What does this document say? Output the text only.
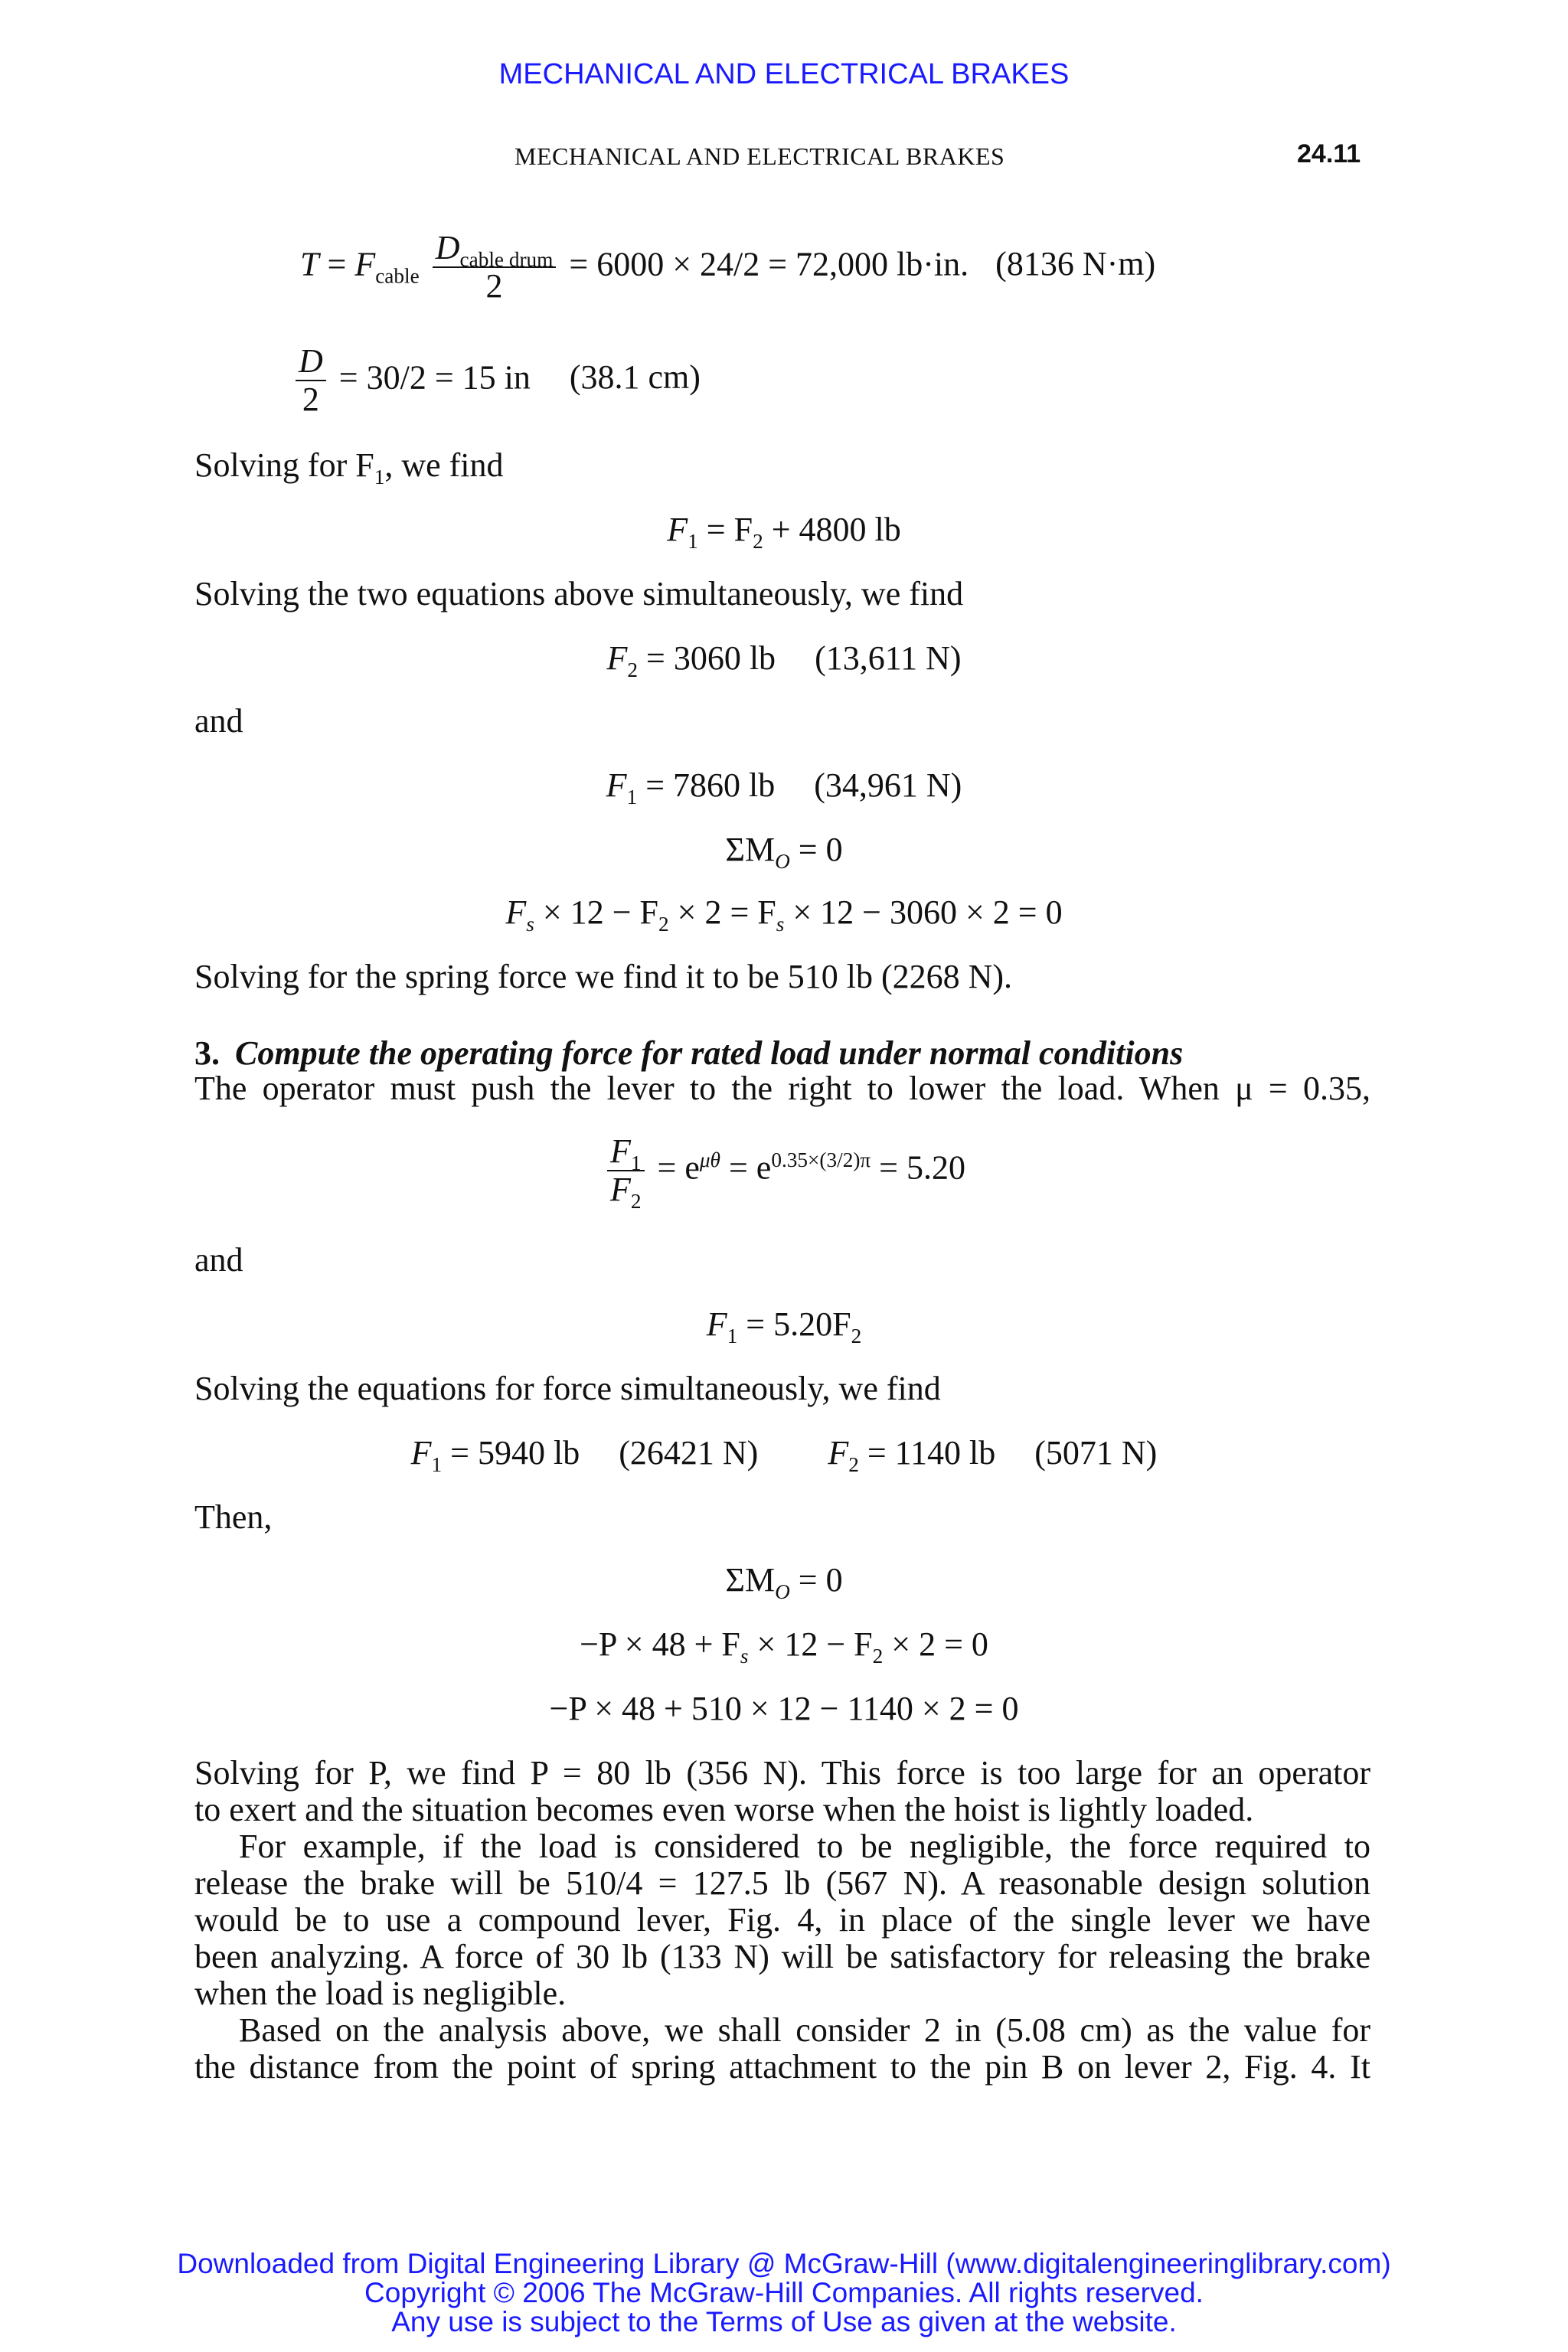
MECHANICAL AND ELECTRICAL BRAKES
MECHANICAL AND ELECTRICAL BRAKES	24.11
$T = F_{cable} \frac{D_{cable drum}}{2} = 6000 \times 24/2 = 72,000$ lb·in. (8136 N·m)
$\frac{D}{2} = 30/2 = 15$ in (38.1 cm)
Solving for $F_1$, we find
$F_1 = F_2 + 4800$ lb
Solving the two equations above simultaneously, we find
$F_2 = 3060$ lb (13,611 N)
and
$F_1 = 7860$ lb (34,961 N)
$\Sigma M_O = 0$
$F_s \times 12 - F_2 \times 2 = F_s \times 12 - 3060 \times 2 = 0$
Solving for the spring force we find it to be 510 lb (2268 N).
3. Compute the operating force for rated load under normal conditions
The operator must push the lever to the right to lower the load. When μ = 0.35,
$\frac{F_1}{F_2} = e^{\mu\theta} = e^{0.35\times(3/2)\pi} = 5.20$
and
$F_1 = 5.20F_2$
Solving the equations for force simultaneously, we find
$F_1 = 5940$ lb (26421 N) $F_2 = 1140$ lb (5071 N)
Then,
$\Sigma M_O = 0$
$-P \times 48 + F_s \times 12 - F_2 \times 2 = 0$
−P × 48 + 510 × 12 − 1140 × 2 = 0
Solving for P, we find P = 80 lb (356 N). This force is too large for an operator
to exert and the situation becomes even worse when the hoist is lightly loaded.
For example, if the load is considered to be negligible, the force required to
release the brake will be 510/4 = 127.5 lb (567 N). A reasonable design solution
would be to use a compound lever, Fig. 4, in place of the single lever we have
been analyzing. A force of 30 lb (133 N) will be satisfactory for releasing the brake
when the load is negligible.
Based on the analysis above, we shall consider 2 in (5.08 cm) as the value for
the distance from the point of spring attachment to the pin B on lever 2, Fig. 4. It
Downloaded from Digital Engineering Library @ McGraw-Hill (www.digitalengineeringlibrary.com)
Copyright © 2006 The McGraw-Hill Companies. All rights reserved.
Any use is subject to the Terms of Use as given at the website.
